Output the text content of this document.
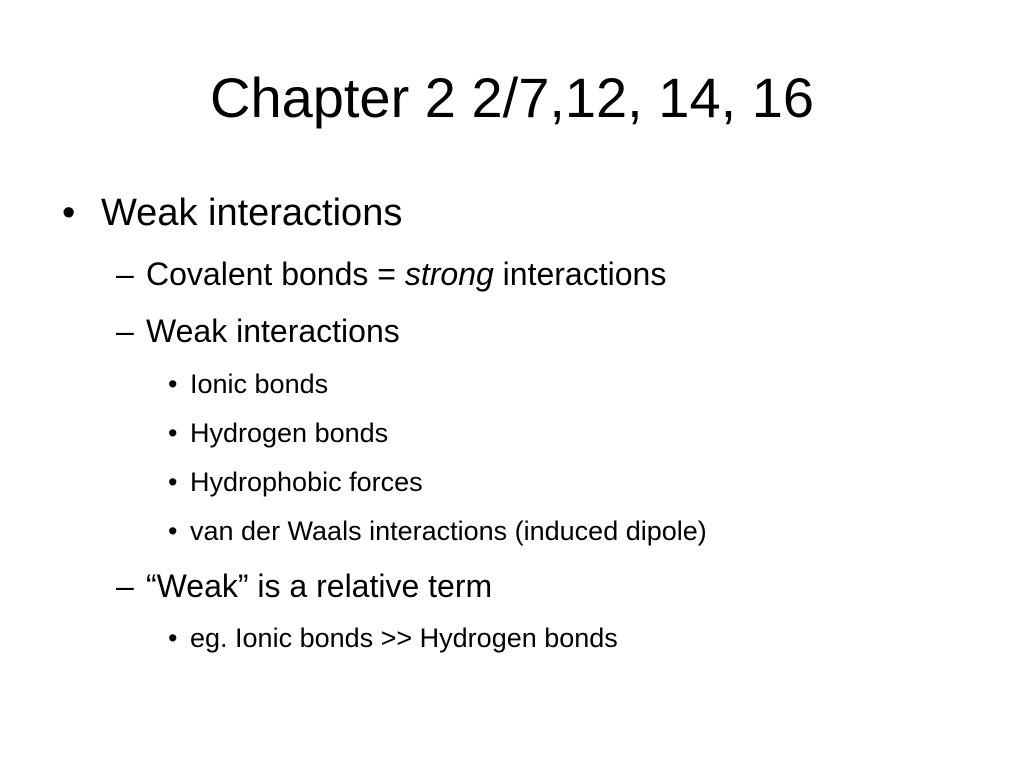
Chapter 2 2/7,12, 14, 16
• Weak interactions
– Covalent bonds = strong interactions
– Weak interactions
• Ionic bonds
• Hydrogen bonds
• Hydrophobic forces
• van der Waals interactions (induced dipole)
– “Weak” is a relative term
• eg. Ionic bonds >> Hydrogen bonds
